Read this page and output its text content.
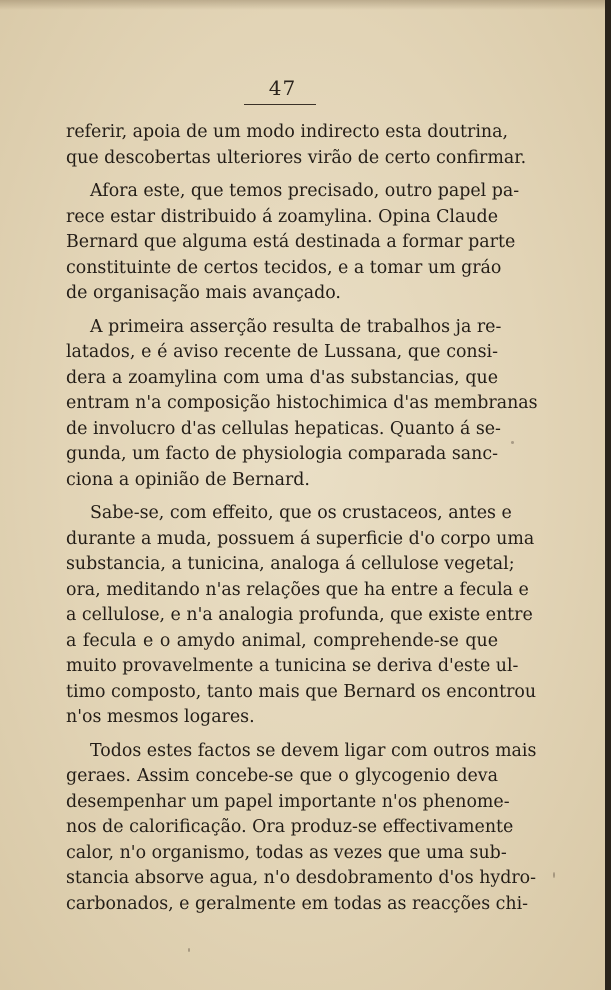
47
referir, apoia de um modo indirecto esta doutrina,
que descobertas ulteriores virão de certo confirmar.
Afora este, que temos precisado, outro papel pa-
rece estar distribuido á zoamylina. Opina Claude
Bernard que alguma está destinada a formar parte
constituinte de certos tecidos, e a tomar um gráo
de organisação mais avançado.
A primeira asserção resulta de trabalhos ja re-
latados, e é aviso recente de Lussana, que consi-
dera a zoamylina com uma d'as substancias, que
entram n'a composição histochimica d'as membranas
de involucro d'as cellulas hepaticas. Quanto á se-
gunda, um facto de physiologia comparada sanc-
ciona a opinião de Bernard.
Sabe-se, com effeito, que os crustaceos, antes e
durante a muda, possuem á superficie d'o corpo uma
substancia, a tunicina, analoga á cellulose vegetal;
ora, meditando n'as relações que ha entre a fecula e
a cellulose, e n'a analogia profunda, que existe entre
a fecula e o amydo animal, comprehende-se que
muito provavelmente a tunicina se deriva d'este ul-
timo composto, tanto mais que Bernard os encontrou
n'os mesmos logares.
Todos estes factos se devem ligar com outros mais
geraes. Assim concebe-se que o glycogenio deva
desempenhar um papel importante n'os phenome-
nos de calorificação. Ora produz-se effectivamente
calor, n'o organismo, todas as vezes que uma sub-
stancia absorve agua, n'o desdobramento d'os hydro-
carbonados, e geralmente em todas as reacções chi-
